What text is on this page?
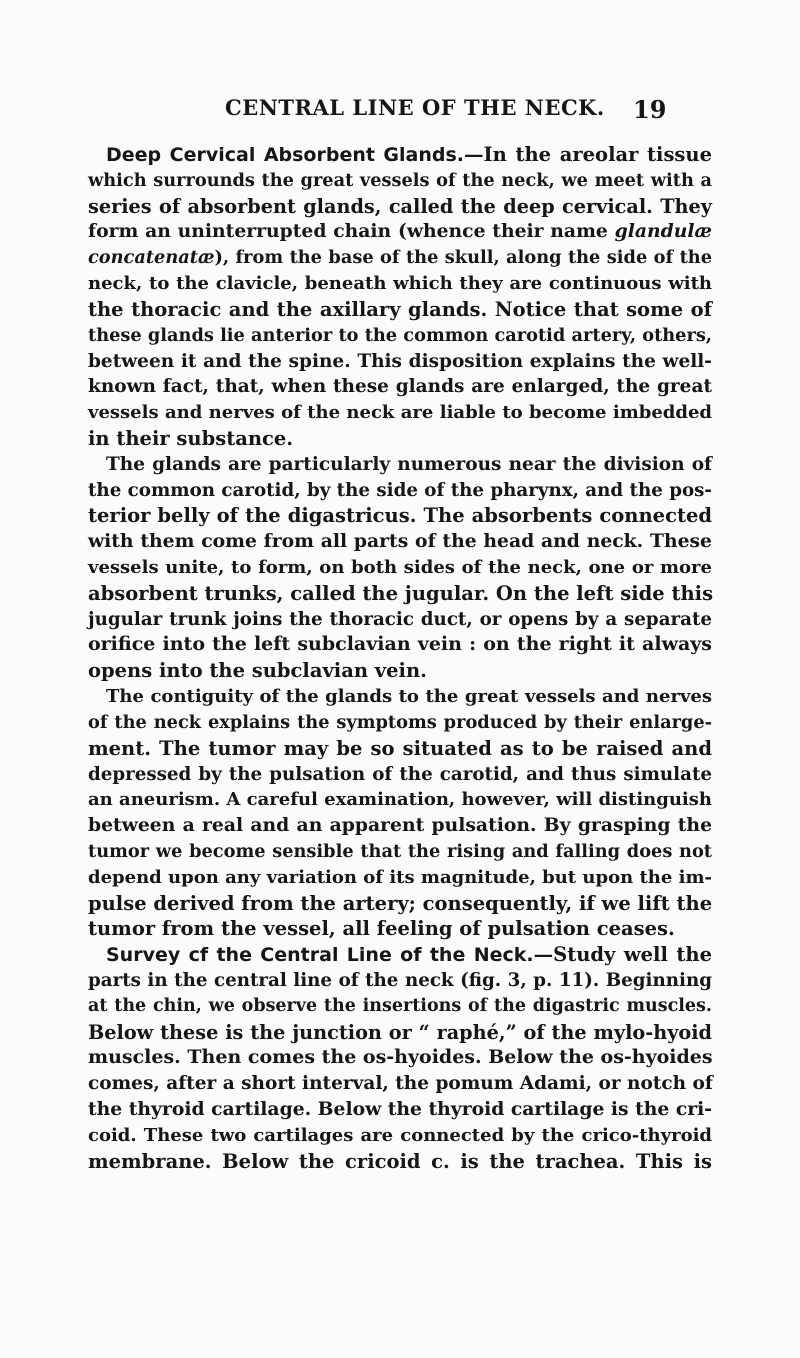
CENTRAL LINE OF THE NECK. 19
Deep Cervical Absorbent Glands.—In the areolar tissue
which surrounds the great vessels of the neck, we meet with a
series of absorbent glands, called the deep cervical. They
form an uninterrupted chain (whence their name glandulæ
concatenatæ), from the base of the skull, along the side of the
neck, to the clavicle, beneath which they are continuous with
the thoracic and the axillary glands. Notice that some of
these glands lie anterior to the common carotid artery, others,
between it and the spine. This disposition explains the well-
known fact, that, when these glands are enlarged, the great
vessels and nerves of the neck are liable to become imbedded
in their substance.
The glands are particularly numerous near the division of
the common carotid, by the side of the pharynx, and the pos-
terior belly of the digastricus. The absorbents connected
with them come from all parts of the head and neck. These
vessels unite, to form, on both sides of the neck, one or more
absorbent trunks, called the jugular. On the left side this
jugular trunk joins the thoracic duct, or opens by a separate
orifice into the left subclavian vein : on the right it always
opens into the subclavian vein.
The contiguity of the glands to the great vessels and nerves
of the neck explains the symptoms produced by their enlarge-
ment. The tumor may be so situated as to be raised and
depressed by the pulsation of the carotid, and thus simulate
an aneurism. A careful examination, however, will distinguish
between a real and an apparent pulsation. By grasping the
tumor we become sensible that the rising and falling does not
depend upon any variation of its magnitude, but upon the im-
pulse derived from the artery; consequently, if we lift the
tumor from the vessel, all feeling of pulsation ceases.
Survey cf the Central Line of the Neck.—Study well the
parts in the central line of the neck (fig. 3, p. 11). Beginning
at the chin, we observe the insertions of the digastric muscles.
Below these is the junction or “ raphé,” of the mylo-hyoid
muscles. Then comes the os-hyoides. Below the os-hyoides
comes, after a short interval, the pomum Adami, or notch of
the thyroid cartilage. Below the thyroid cartilage is the cri-
coid. These two cartilages are connected by the crico-thyroid
membrane. Below the cricoid c. is the trachea. This is
